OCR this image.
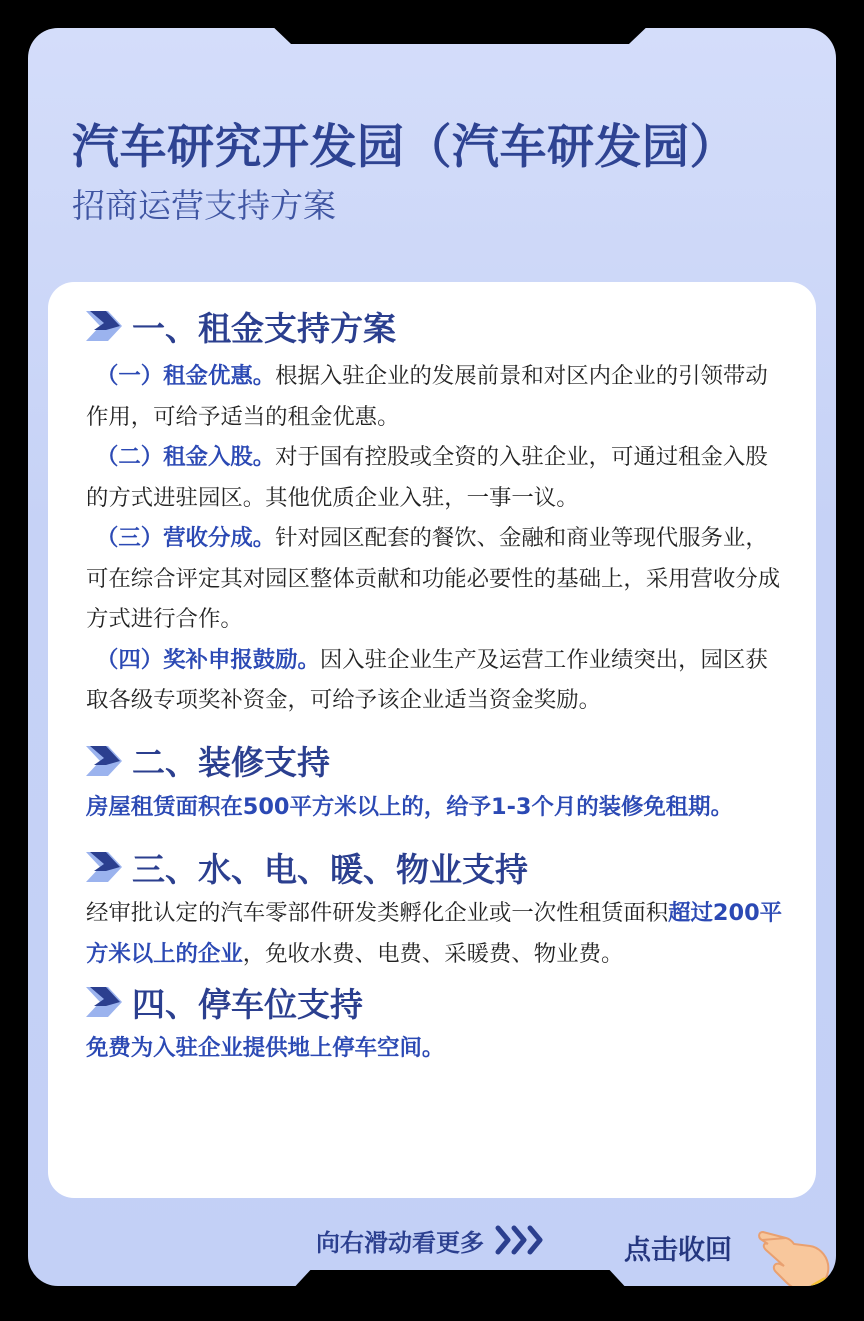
汽车研究开发园（汽车研发园）
招商运营支持方案
一、租金支持方案

（一）租金优惠。根据入驻企业的发展前景和对区内企业的引领带动作用，可给予适当的租金优惠。

（二）租金入股。对于国有控股或全资的入驻企业，可通过租金入股的方式进驻园区。其他优质企业入驻，一事一议。

（三）营收分成。针对园区配套的餐饮、金融和商业等现代服务业，可在综合评定其对园区整体贡献和功能必要性的基础上，采用营收分成方式进行合作。

（四）奖补申报鼓励。因入驻企业生产及运营工作业绩突出，园区获取各级专项奖补资金，可给予该企业适当资金奖励。

二、装修支持

房屋租赁面积在500平方米以上的，给予1-3个月的装修免租期。

三、水、电、暖、物业支持

经审批认定的汽车零部件研发类孵化企业或一次性租赁面积超过200平方米以上的企业，免收水费、电费、采暖费、物业费。

四、停车位支持

免费为入驻企业提供地上停车空间。

向右滑动看更多	点击收回
